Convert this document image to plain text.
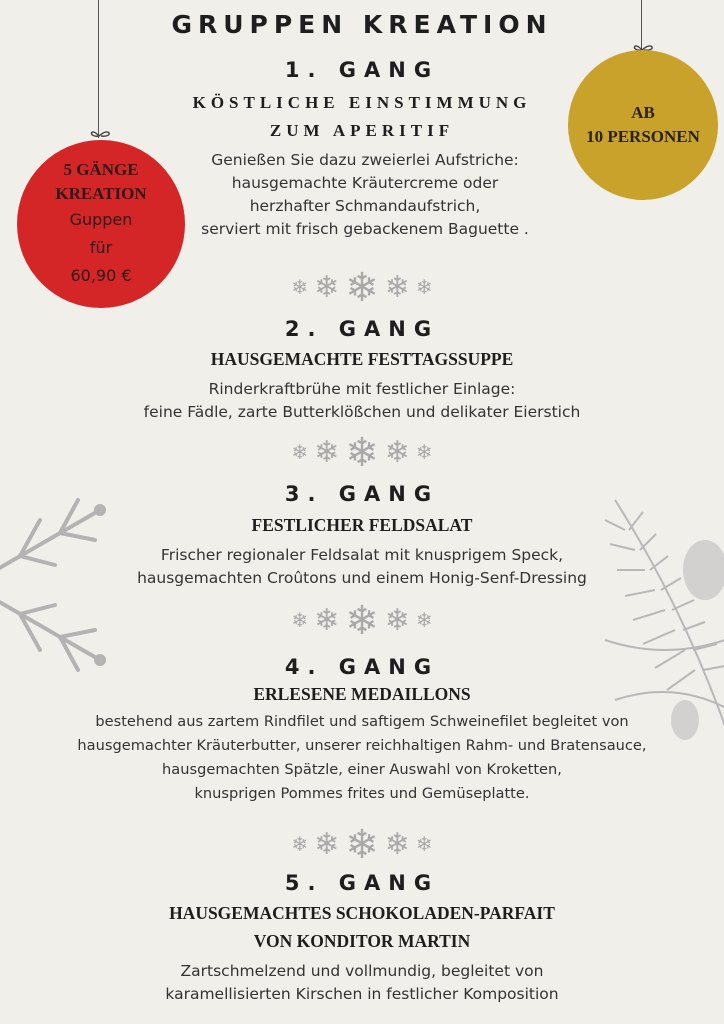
5 GÄNGE
KREATION
Guppen
für
60,90 €
AB
10 PERSONEN
GRUPPEN KREATION
1. GANG
KÖSTLICHE EINSTIMMUNG
ZUM APERITIF
Genießen Sie dazu zweierlei Aufstriche:
hausgemachte Kräutercreme oder
herzhafter Schmandaufstrich,
serviert mit frisch gebackenem Baguette .
❄ ❄ ❄ ❄ ❄
2. GANG
HAUSGEMACHTE FESTTAGSSUPPE
Rinderkraftbrühe mit festlicher Einlage:
feine Fädle, zarte Butterklößchen und delikater Eierstich
❄ ❄ ❄ ❄ ❄
3. GANG
FESTLICHER FELDSALAT
Frischer regionaler Feldsalat mit knusprigem Speck,
hausgemachten Croûtons und einem Honig-Senf-Dressing
❄ ❄ ❄ ❄ ❄
4. GANG
ERLESENE MEDAILLONS
bestehend aus zartem Rindfilet und saftigem Schweinefilet begleitet von
hausgemachter Kräuterbutter, unserer reichhaltigen Rahm- und Bratensauce,
hausgemachten Spätzle, einer Auswahl von Kroketten,
knusprigen Pommes frites und Gemüseplatte.
❄ ❄ ❄ ❄ ❄
5. GANG
HAUSGEMACHTES SCHOKOLADEN-PARFAIT
VON KONDITOR MARTIN
Zartschmelzend und vollmundig, begleitet von
karamellisierten Kirschen in festlicher Komposition
